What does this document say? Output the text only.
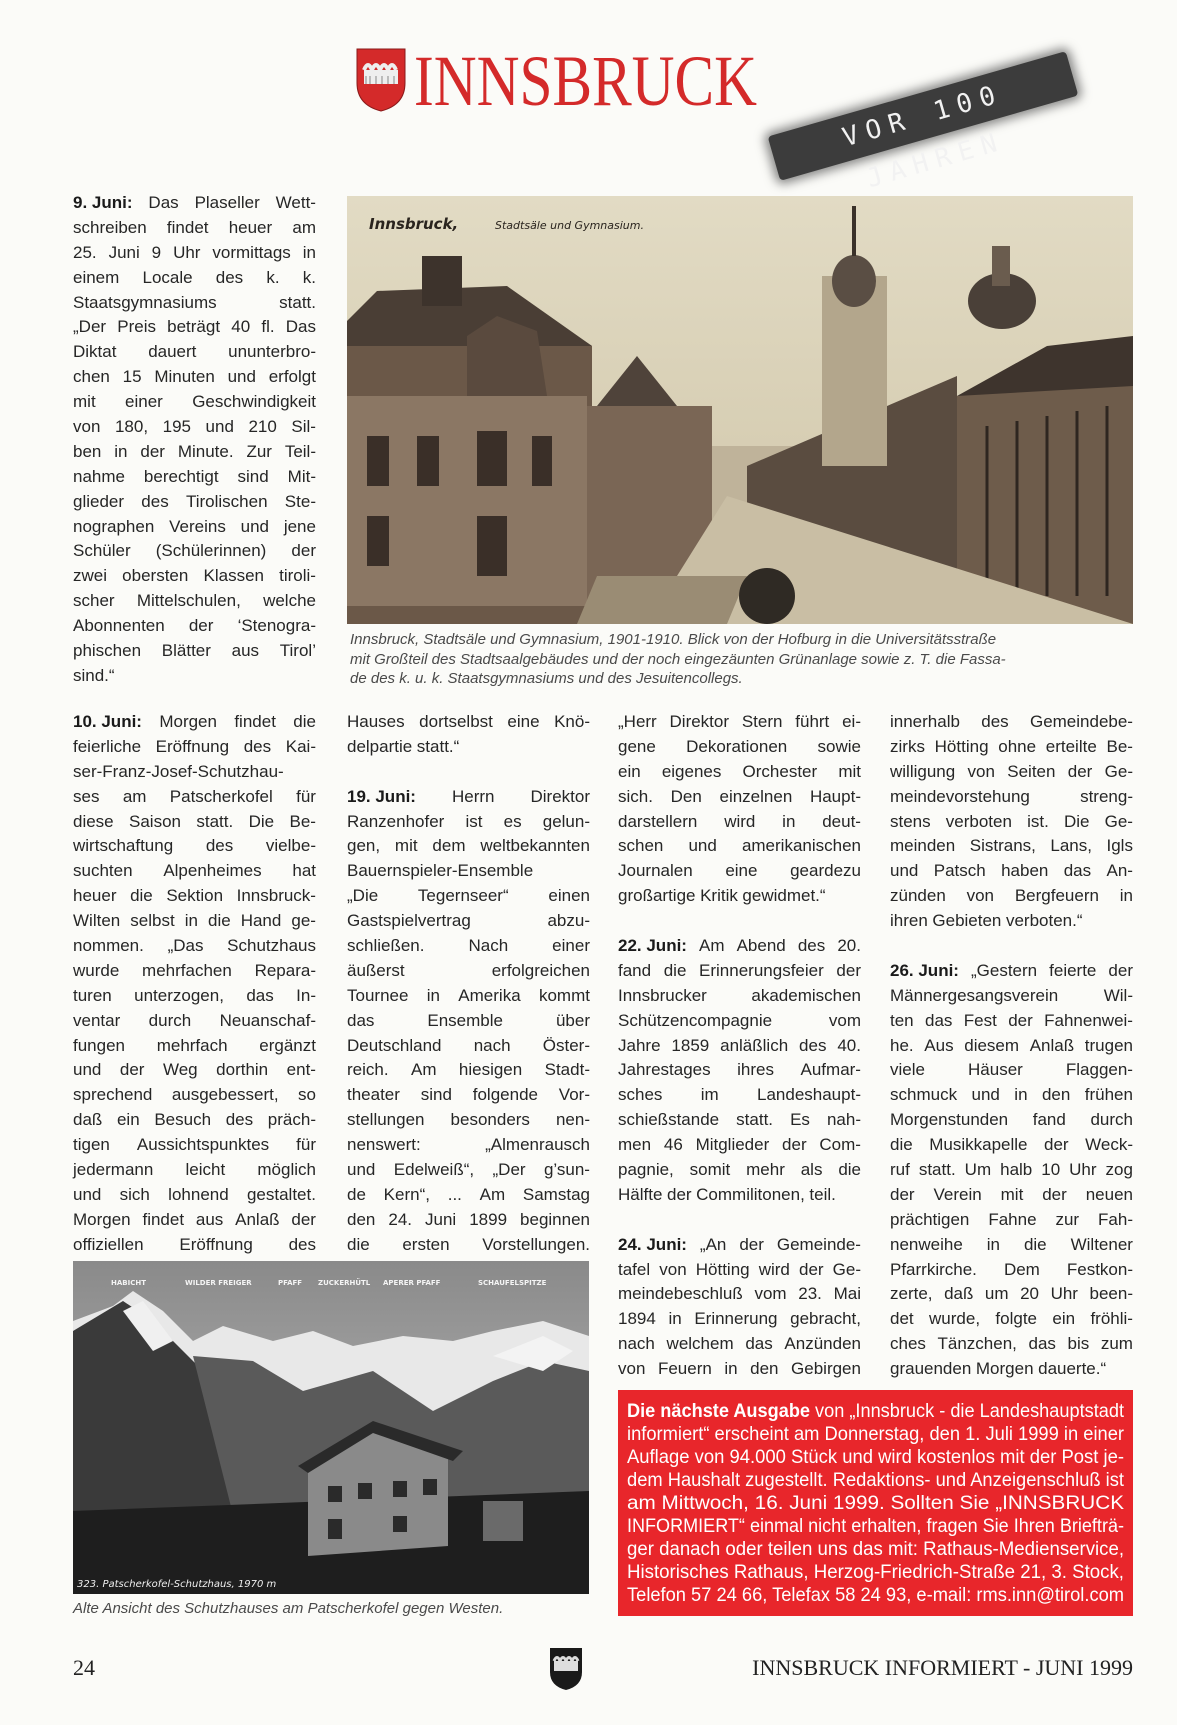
INNSBRUCK	VOR 100 JAHREN
Innsbruck,	Stadtsäle und Gymnasium.
Innsbruck, Stadtsäle und Gymnasium, 1901-1910. Blick von der Hofburg in die Universitätsstraße
mit Großteil des Stadtsaalgebäudes und der noch eingezäunten Grünanlage sowie z. T. die Fassa-
de des k. u. k. Staatsgymnasiums und des Jesuitencollegs.
9. Juni: Das Plaseller Wett-
schreiben findet heuer am
25. Juni 9 Uhr vormittags in
einem Locale des k. k.
Staatsgymnasiums	statt.
„Der Preis beträgt 40 fl. Das
Diktat dauert ununterbro-
chen 15 Minuten und erfolgt
mit einer Geschwindigkeit
von 180, 195 und 210 Sil-
ben in der Minute. Zur Teil-
nahme berechtigt sind Mit-
glieder des Tirolischen Ste-
nographen Vereins und jene
Schüler (Schülerinnen) der
zwei obersten Klassen tiroli-
scher Mittelschulen, welche
Abonnenten der ‘Stenogra-
phischen Blätter aus Tirol’
sind.“
10. Juni: Morgen findet die
feierliche Eröffnung des Kai-
ser-Franz-Josef-Schutzhau-
ses am Patscherkofel für
diese Saison statt. Die Be-
wirtschaftung des vielbe-
suchten Alpenheimes hat
heuer die Sektion Innsbruck-
Wilten selbst in die Hand ge-
nommen. „Das Schutzhaus
wurde mehrfachen Repara-
turen unterzogen, das In-
ventar durch Neuanschaf-
fungen mehrfach ergänzt
und der Weg dorthin ent-
sprechend ausgebessert, so
daß ein Besuch des präch-
tigen Aussichtspunktes für
jedermann leicht möglich
und sich lohnend gestaltet.
Morgen findet aus Anlaß der
offiziellen Eröffnung des
Hauses dortselbst eine Knö-
delpartie statt.“
19. Juni: Herrn Direktor
Ranzenhofer ist es gelun-
gen, mit dem weltbekannten
Bauernspieler-Ensemble
„Die Tegernseer“ einen
Gastspielvertrag	abzu-
schließen.	Nach	einer
äußerst	erfolgreichen
Tournee in Amerika kommt
das	Ensemble	über
Deutschland nach Öster-
reich. Am hiesigen Stadt-
theater sind folgende Vor-
stellungen besonders nen-
nenswert:	„Almenrausch
und Edelweiß“, „Der g’sun-
de Kern“, ... Am Samstag
den 24. Juni 1899 beginnen
die ersten Vorstellungen.
„Herr Direktor Stern führt ei-
gene Dekorationen sowie
ein eigenes Orchester mit
sich. Den einzelnen Haupt-
darstellern wird in deut-
schen und amerikanischen
Journalen eine geardezu
großartige Kritik gewidmet.“
22. Juni: Am Abend des 20.
fand die Erinnerungsfeier der
Innsbrucker	akademischen
Schützencompagnie	vom
Jahre 1859 anläßlich des 40.
Jahrestages ihres Aufmar-
sches im Landeshaupt-
schießstande statt. Es nah-
men 46 Mitglieder der Com-
pagnie, somit mehr als die
Hälfte der Commilitonen, teil.
24. Juni: „An der Gemeinde-
tafel von Hötting wird der Ge-
meindebeschluß vom 23. Mai
1894 in Erinnerung gebracht,
nach welchem das Anzünden
von Feuern in den Gebirgen
innerhalb des Gemeindebe-
zirks Hötting ohne erteilte Be-
willigung von Seiten der Ge-
meindevorstehung	streng-
stens verboten ist. Die Ge-
meinden Sistrans, Lans, Igls
und Patsch haben das An-
zünden von Bergfeuern in
ihren Gebieten verboten.“
26. Juni: „Gestern feierte der
Männergesangsverein	Wil-
ten das Fest der Fahnenwei-
he. Aus diesem Anlaß trugen
viele	Häuser	Flaggen-
schmuck und in den frühen
Morgenstunden fand durch
die Musikkapelle der Weck-
ruf statt. Um halb 10 Uhr zog
der Verein mit der neuen
prächtigen Fahne zur Fah-
nenweihe in die Wiltener
Pfarrkirche. Dem Festkon-
zerte, daß um 20 Uhr been-
det wurde, folgte ein fröhli-
ches Tänzchen, das bis zum
grauenden Morgen dauerte.“
HABICHT	WILDER FREIGER	PFAFF ZUCKERHÜTL APERER PFAFF	SCHAUFELSPITZE
323. Patscherkofel-Schutzhaus, 1970 m
Alte Ansicht des Schutzhauses am Patscherkofel gegen Westen.
Die nächste Ausgabe von „Innsbruck - die Landeshauptstadt
informiert“ erscheint am Donnerstag, den 1. Juli 1999 in einer
Auflage von 94.000 Stück und wird kostenlos mit der Post je-
dem Haushalt zugestellt. Redaktions- und Anzeigenschluß ist
am Mittwoch, 16. Juni 1999. Sollten Sie „INNSBRUCK
INFORMIERT“ einmal nicht erhalten, fragen Sie Ihren Briefträ-
ger danach oder teilen uns das mit: Rathaus-Medienservice,
Historisches Rathaus, Herzog-Friedrich-Straße 21, 3. Stock,
Telefon 57 24 66, Telefax 58 24 93, e-mail: rms.inn@tirol.com
24	INNSBRUCK INFORMIERT - JUNI 1999
